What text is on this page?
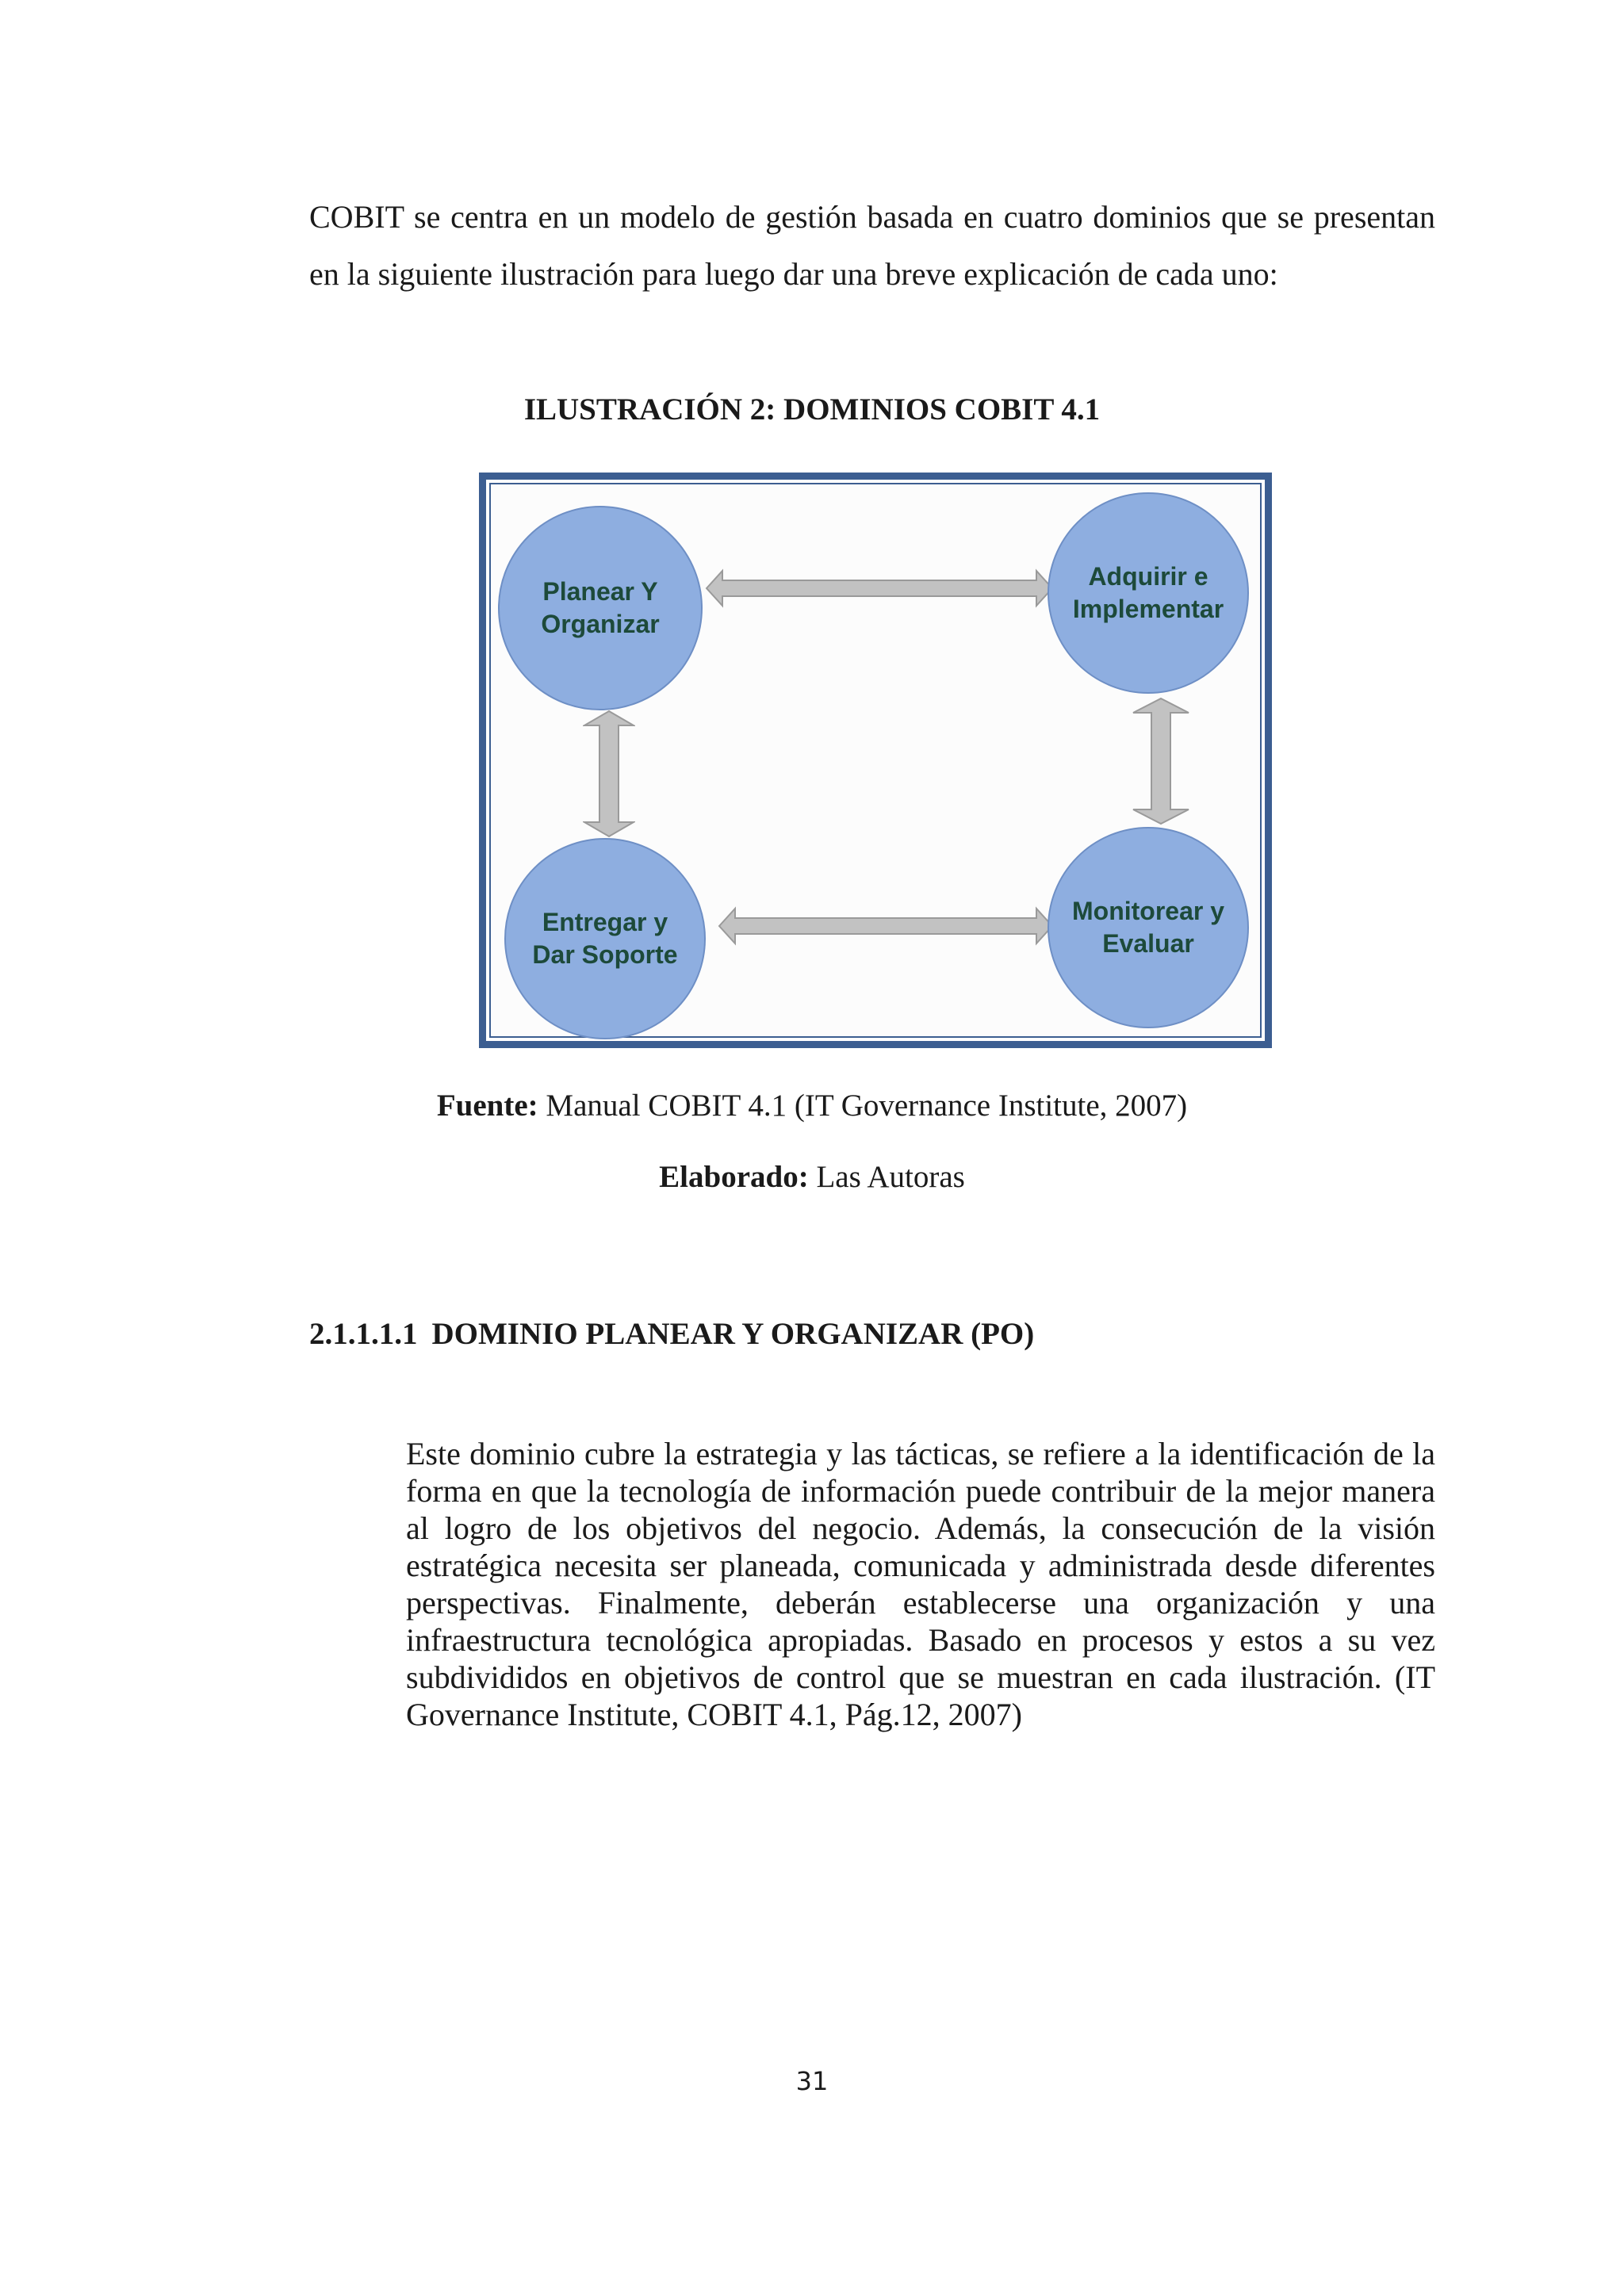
COBIT se centra en un modelo de gestión basada en cuatro dominios que se presentan en la siguiente ilustración para luego dar una breve explicación de cada uno:

ILUSTRACIÓN 2: DOMINIOS COBIT 4.1

Planear Y
Organizar
Adquirir e
Implementar
Entregar y
Dar Soporte
Monitorear y
Evaluar

Fuente: Manual COBIT 4.1 (IT Governance Institute, 2007)

Elaborado: Las Autoras

2.1.1.1.1 DOMINIO PLANEAR Y ORGANIZAR (PO)

Este dominio cubre la estrategia y las tácticas, se refiere a la identificación de la forma en que la tecnología de información puede contribuir de la mejor manera al logro de los objetivos del negocio. Además, la consecución de la visión estratégica necesita ser planeada, comunicada y administrada desde diferentes perspectivas. Finalmente, deberán establecerse una organización y una infraestructura tecnológica apropiadas. Basado en procesos y estos a su vez subdivididos en objetivos de control que se muestran en cada ilustración. (IT Governance Institute, COBIT 4.1, Pág.12, 2007)

31
